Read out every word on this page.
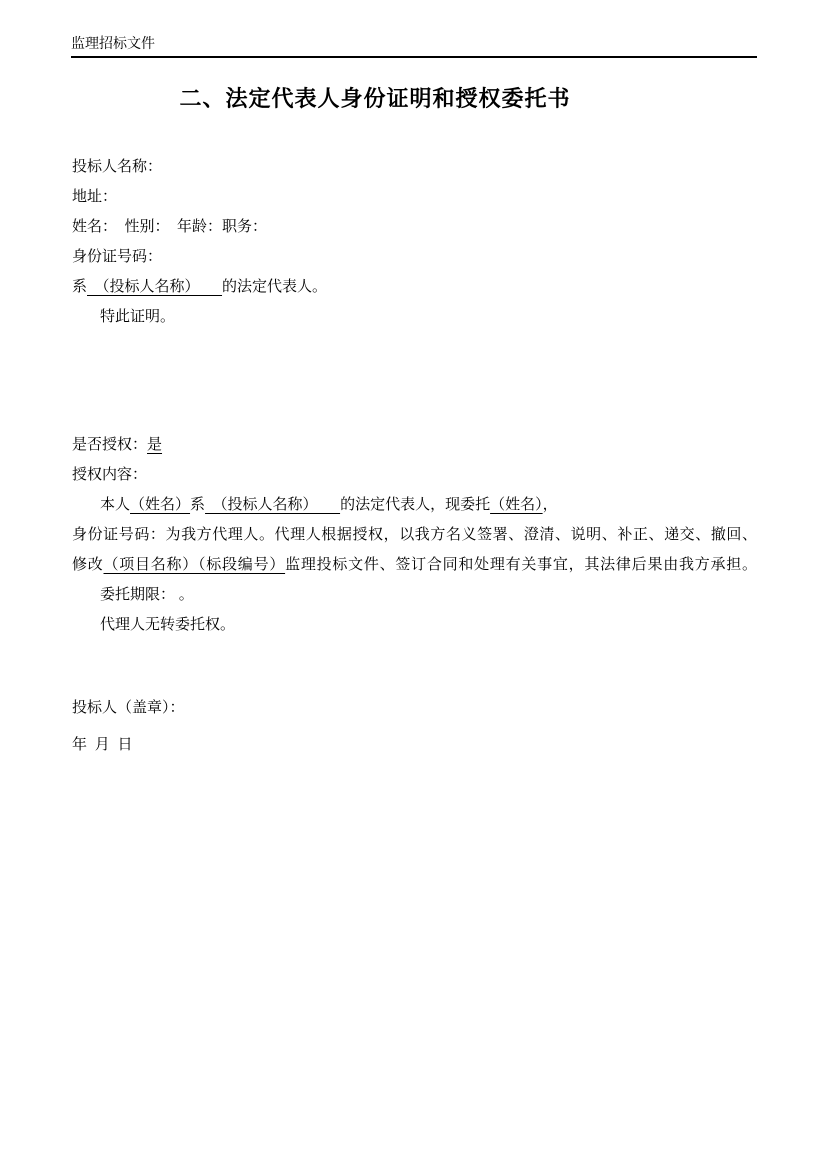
监理招标文件
二、法定代表人身份证明和授权委托书

投标人名称：

地址：

姓名：　性别：　年龄：职务：

身份证号码：

系　（投标人名称）　　的法定代表人。

特此证明。

是否授权：是

授权内容：

本人（姓名）系　（投标人名称）　　的法定代表人，现委托（姓名），

身份证号码：为我方代理人。代理人根据授权，以我方名义签署、澄清、说明、补正、递交、撤回、

修改（项目名称）（标段编号）监理投标文件、签订合同和处理有关事宜，其法律后果由我方承担。

委托期限： 。

代理人无转委托权。

投标人（盖章）：

年 月 日
